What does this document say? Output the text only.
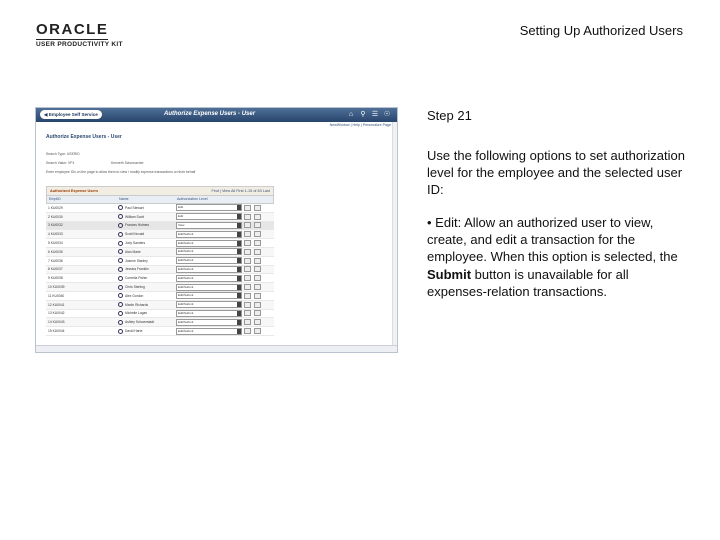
ORACLE
USER PRODUCTIVITY KIT
Setting Up Authorized Users
◀ Employee Self Service	Authorize Expense Users - User	⌂ ⚲ ☰ ☉
NewWindow | Help | Personalize Page
Authorize Expense Users - User
Search Type: USERID
Search Value: VP1	Kenneth Schumacher
Enter employee IDs on the page to allow them to view / modify expense transactions on their behalf
Authorized Expense Users	Find | View All First 1-15 of 63 Last
EmplID	Name	Authorization Level
1 KU0029	Paul Stewart	Edit
2 KU0030	William Scott	Edit
3 KU0032	Frances Holmes	View
4 KU0033	Scott Kincaid	Edit/Submit
5 KU0034	Jody Sanders	Edit/Submit
6 KU0035	Alan Marie	Edit/Submit
7 KU0036	Joanne Stanley	Edit/Submit
8 KU0037	Jessica Franklin	Edit/Submit
9 KU0038	Cornelia Fisher	Edit/Submit
10 KU0039	Chris Sterling	Edit/Submit
11 KU0040	Alex Gordon	Edit/Submit
12 KU0041	Martin Richards	Edit/Submit
13 KU0042	Michelle Logan	Edit/Submit
14 KU0043	Ashley Schoenstadt	Edit/Submit
15 KU0044	David Harte	Edit/Submit
Step 21
Use the following options to set authorization level for the employee and the selected user ID:
• Edit: Allow an authorized user to view, create, and edit a transaction for the employee. When this option is selected, the Submit button is unavailable for all expenses-relation transactions.
